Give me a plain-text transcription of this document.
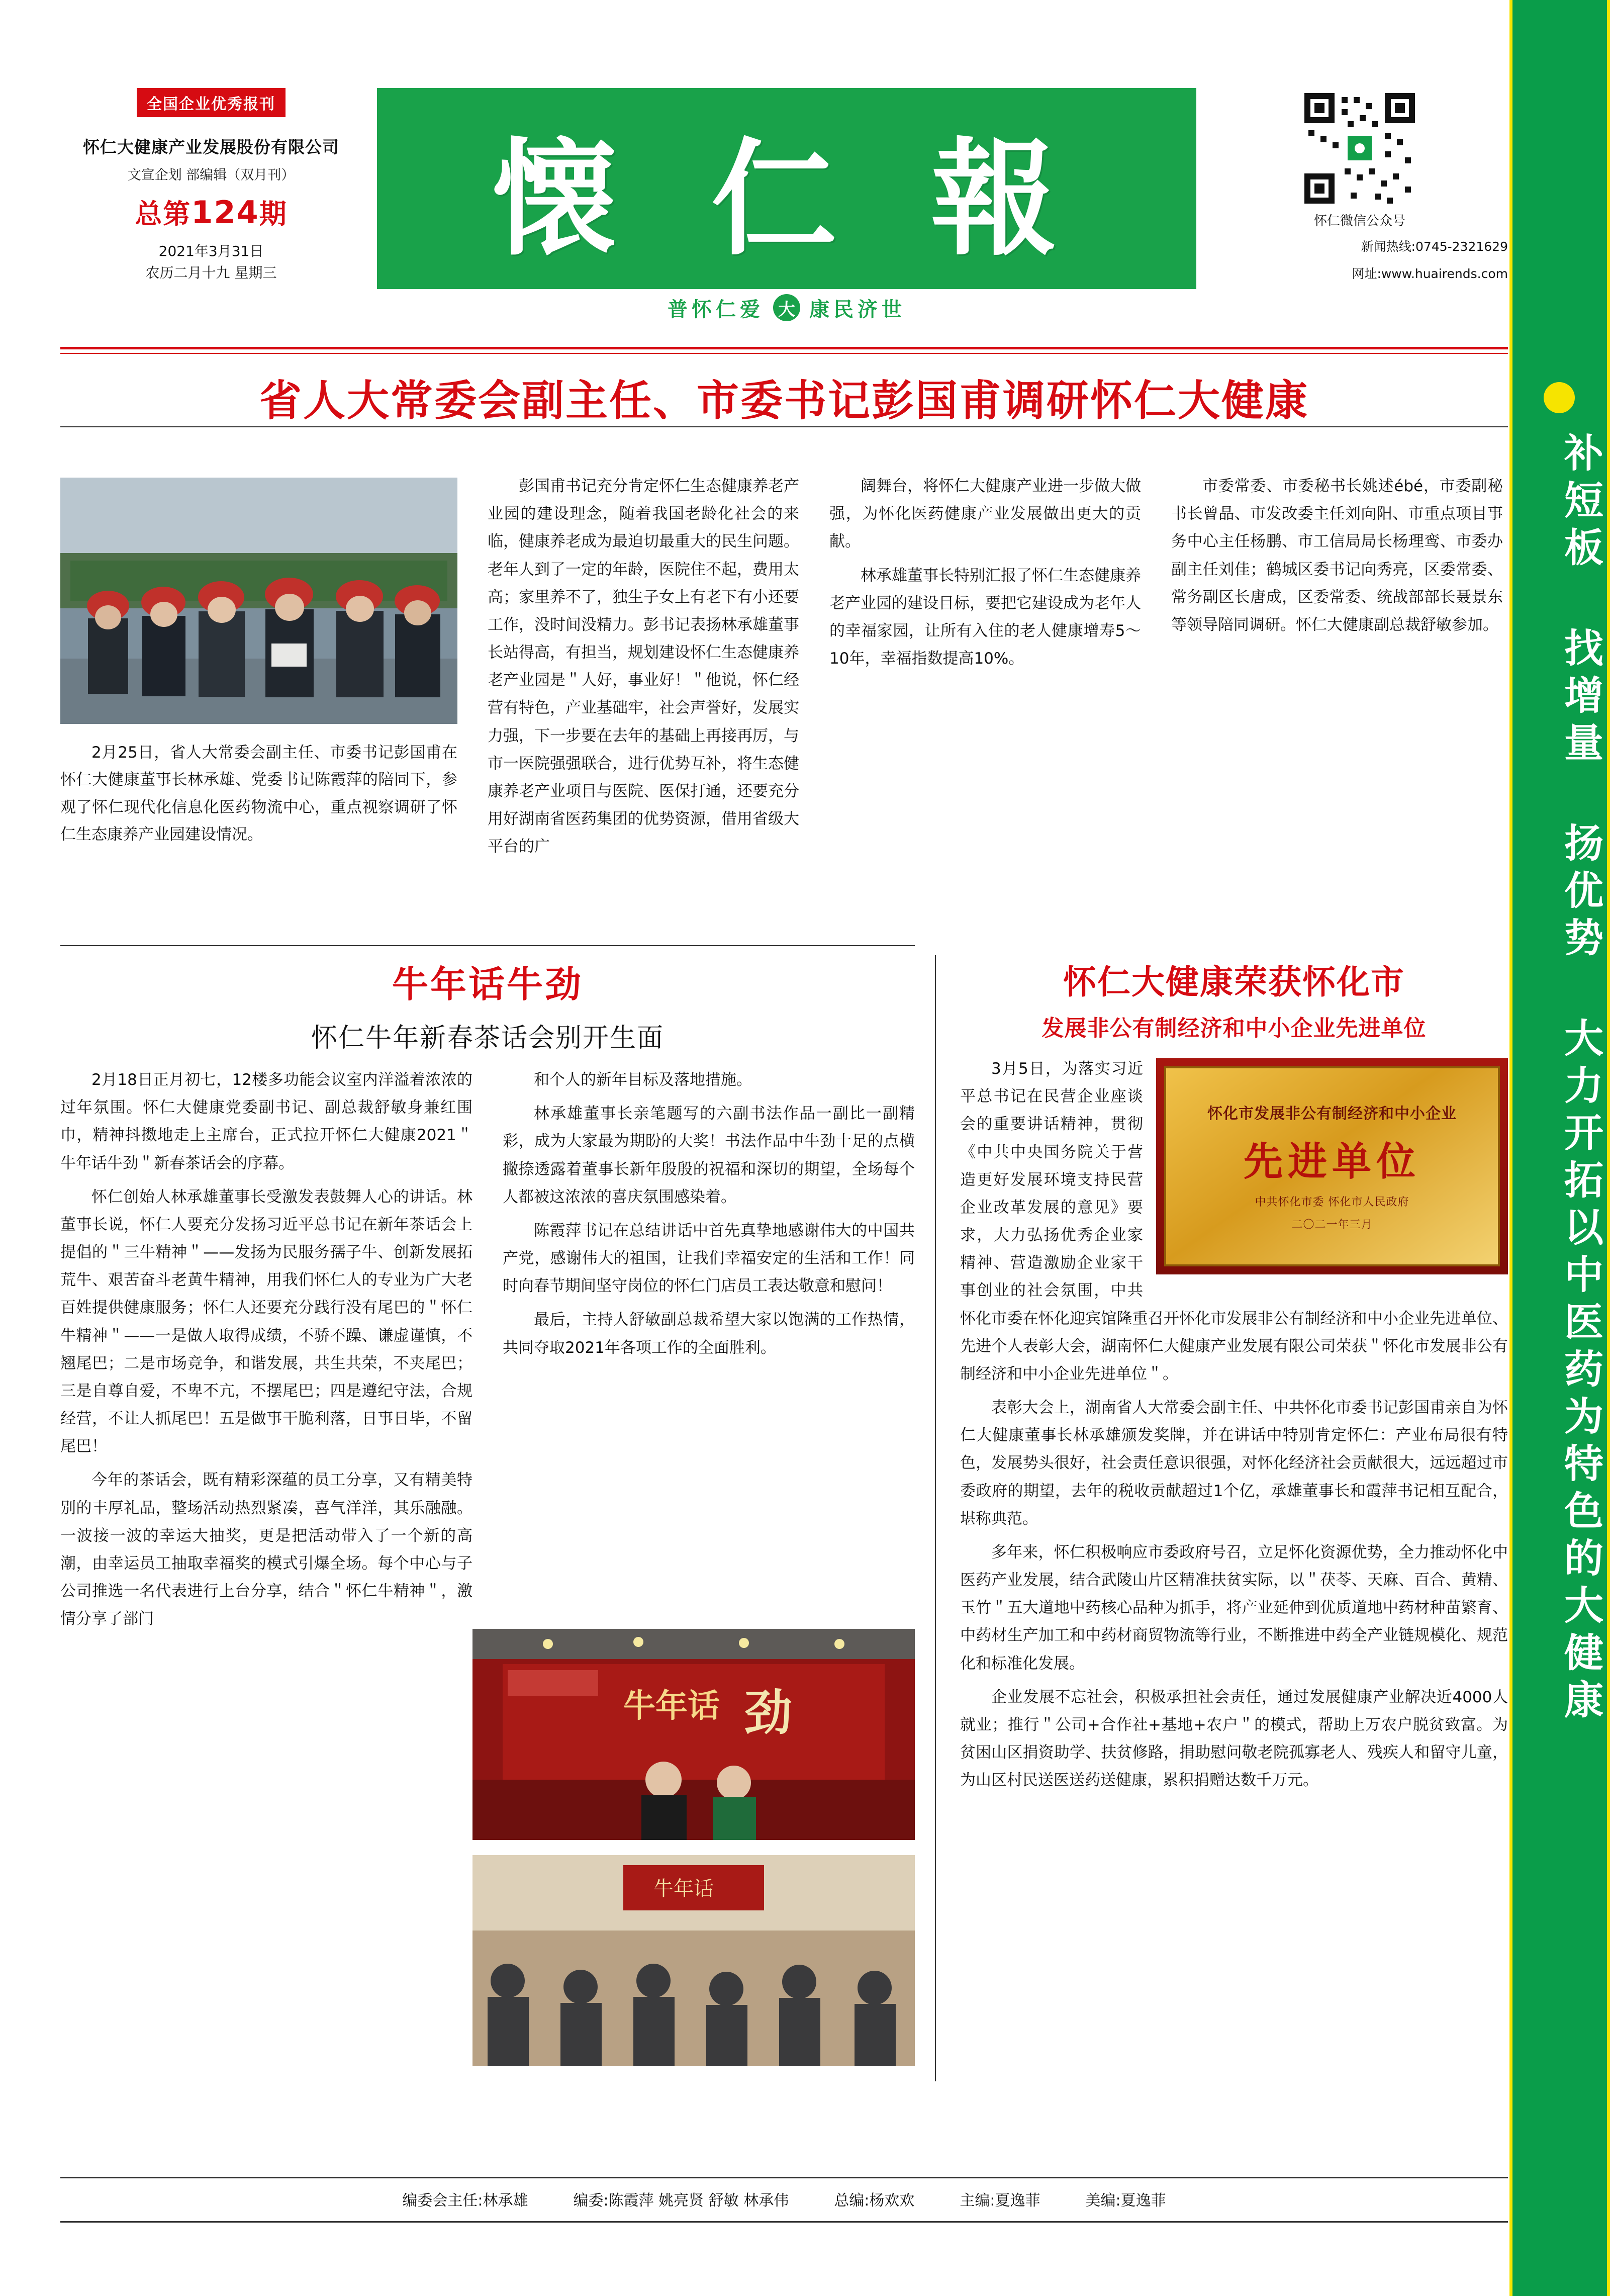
全国企业优秀报刊
怀仁大健康产业发展股份有限公司
文宣企划 部编辑（双月刊）
总第124期
2021年3月31日
农历二月十九 星期三
懐 仁 報
普怀仁爱 大 康民济世
怀仁微信公众号
新闻热线:0745-2321629
网址:www.huairends.com
省人大常委会副主任、市委书记彭国甫调研怀仁大健康
2月25日，省人大常委会副主任、市委书记彭国甫在怀仁大健康董事长林承雄、党委书记陈霞萍的陪同下，参观了怀仁现代化信息化医药物流中心，重点视察调研了怀仁生态康养产业园建设情况。

彭国甫书记充分肯定怀仁生态健康养老产业园的建设理念，随着我国老龄化社会的来临，健康养老成为最迫切最重大的民生问题。老年人到了一定的年龄，医院住不起，费用太高；家里养不了，独生子女上有老下有小还要工作，没时间没精力。彭书记表扬林承雄董事长站得高，有担当，规划建设怀仁生态健康养老产业园是＂人好，事业好！＂他说，怀仁经营有特色，产业基础牢，社会声誉好，发展实力强，下一步要在去年的基础上再接再厉，与市一医院强强联合，进行优势互补，将生态健康养老产业项目与医院、医保打通，还要充分用好湖南省医药集团的优势资源，借用省级大平台的广

阔舞台，将怀仁大健康产业进一步做大做强，为怀化医药健康产业发展做出更大的贡献。

林承雄董事长特别汇报了怀仁生态健康养老产业园的建设目标，要把它建设成为老年人的幸福家园，让所有入住的老人健康增寿5～10年，幸福指数提高10%。

市委常委、市委秘书长姚述ébé，市委副秘书长曾晶、市发改委主任刘向阳、市重点项目事务中心主任杨鹏、市工信局局长杨理鸾、市委办副主任刘佳；鹤城区委书记向秀亮，区委常委、常务副区长唐成，区委常委、统战部部长聂景东等领导陪同调研。怀仁大健康副总裁舒敏参加。

牛年话牛劲
怀仁牛年新春茶话会别开生面

2月18日正月初七，12楼多功能会议室内洋溢着浓浓的过年氛围。怀仁大健康党委副书记、副总裁舒敏身兼红围巾，精神抖擞地走上主席台，正式拉开怀仁大健康2021＂牛年话牛劲＂新春茶话会的序幕。

怀仁创始人林承雄董事长受激发表鼓舞人心的讲话。林董事长说，怀仁人要充分发扬习近平总书记在新年茶话会上提倡的＂三牛精神＂——发扬为民服务孺子牛、创新发展拓荒牛、艰苦奋斗老黄牛精神，用我们怀仁人的专业为广大老百姓提供健康服务；怀仁人还要充分践行没有尾巴的＂怀仁牛精神＂——一是做人取得成绩，不骄不躁、谦虚谨慎，不翘尾巴；二是市场竞争，和谐发展，共生共荣，不夹尾巴；三是自尊自爱，不卑不亢，不摆尾巴；四是遵纪守法，合规经营，不让人抓尾巴！五是做事干脆利落，日事日毕，不留尾巴！

今年的茶话会，既有精彩深蕴的员工分享，又有精美特别的丰厚礼品，整场活动热烈紧凑，喜气洋洋，其乐融融。一波接一波的幸运大抽奖，更是把活动带入了一个新的高潮，由幸运员工抽取幸福奖的模式引爆全场。每个中心与子公司推选一名代表进行上台分享，结合＂怀仁牛精神＂，激情分享了部门

和个人的新年目标及落地措施。

林承雄董事长亲笔题写的六副书法作品一副比一副精彩，成为大家最为期盼的大奖！书法作品中牛劲十足的点横撇捺透露着董事长新年殷殷的祝福和深切的期望，全场每个人都被这浓浓的喜庆氛围感染着。

陈霞萍书记在总结讲话中首先真挚地感谢伟大的中国共产党，感谢伟大的祖国，让我们幸福安定的生活和工作！同时向春节期间坚守岗位的怀仁门店员工表达敬意和慰问！

最后，主持人舒敏副总裁希望大家以饱满的工作热情，共同夺取2021年各项工作的全面胜利。

牛年话 劲
牛年话
怀仁大健康荣获怀化市
发展非公有制经济和中小企业先进单位
怀化市发展非公有制经济和中小企业
先进单位
中共怀化市委 怀化市人民政府
二〇二一年三月

3月5日，为落实习近平总书记在民营企业座谈会的重要讲话精神，贯彻《中共中央国务院关于营造更好发展环境支持民营企业改革发展的意见》要求，大力弘扬优秀企业家精神、营造激励企业家干事创业的社会氛围，中共怀化市委在怀化迎宾馆隆重召开怀化市发展非公有制经济和中小企业先进单位、先进个人表彰大会，湖南怀仁大健康产业发展有限公司荣获＂怀化市发展非公有制经济和中小企业先进单位＂。

表彰大会上，湖南省人大常委会副主任、中共怀化市委书记彭国甫亲自为怀仁大健康董事长林承雄颁发奖牌，并在讲话中特别肯定怀仁：产业布局很有特色，发展势头很好，社会责任意识很强，对怀化经济社会贡献很大，远远超过市委政府的期望，去年的税收贡献超过1个亿，承雄董事长和霞萍书记相互配合，堪称典范。

多年来，怀仁积极响应市委政府号召，立足怀化资源优势，全力推动怀化中医药产业发展，结合武陵山片区精准扶贫实际，以＂茯苓、天麻、百合、黄精、玉竹＂五大道地中药核心品种为抓手，将产业延伸到优质道地中药材种苗繁育、中药材生产加工和中药材商贸物流等行业，不断推进中药全产业链规模化、规范化和标准化发展。

企业发展不忘社会，积极承担社会责任，通过发展健康产业解决近4000人就业；推行＂公司+合作社+基地+农户＂的模式，帮助上万农户脱贫致富。为贫困山区捐资助学、扶贫修路，捐助慰问敬老院孤寡老人、残疾人和留守儿童，为山区村民送医送药送健康，累积捐赠达数千万元。

编委会主任:林承雄	编委:陈霞萍 姚亮贤 舒敏 林承伟	总编:杨欢欢	主编:夏逸菲	美编:夏逸菲
补短板 找增量 扬优势 大力开拓以中医药为特色的大健康
